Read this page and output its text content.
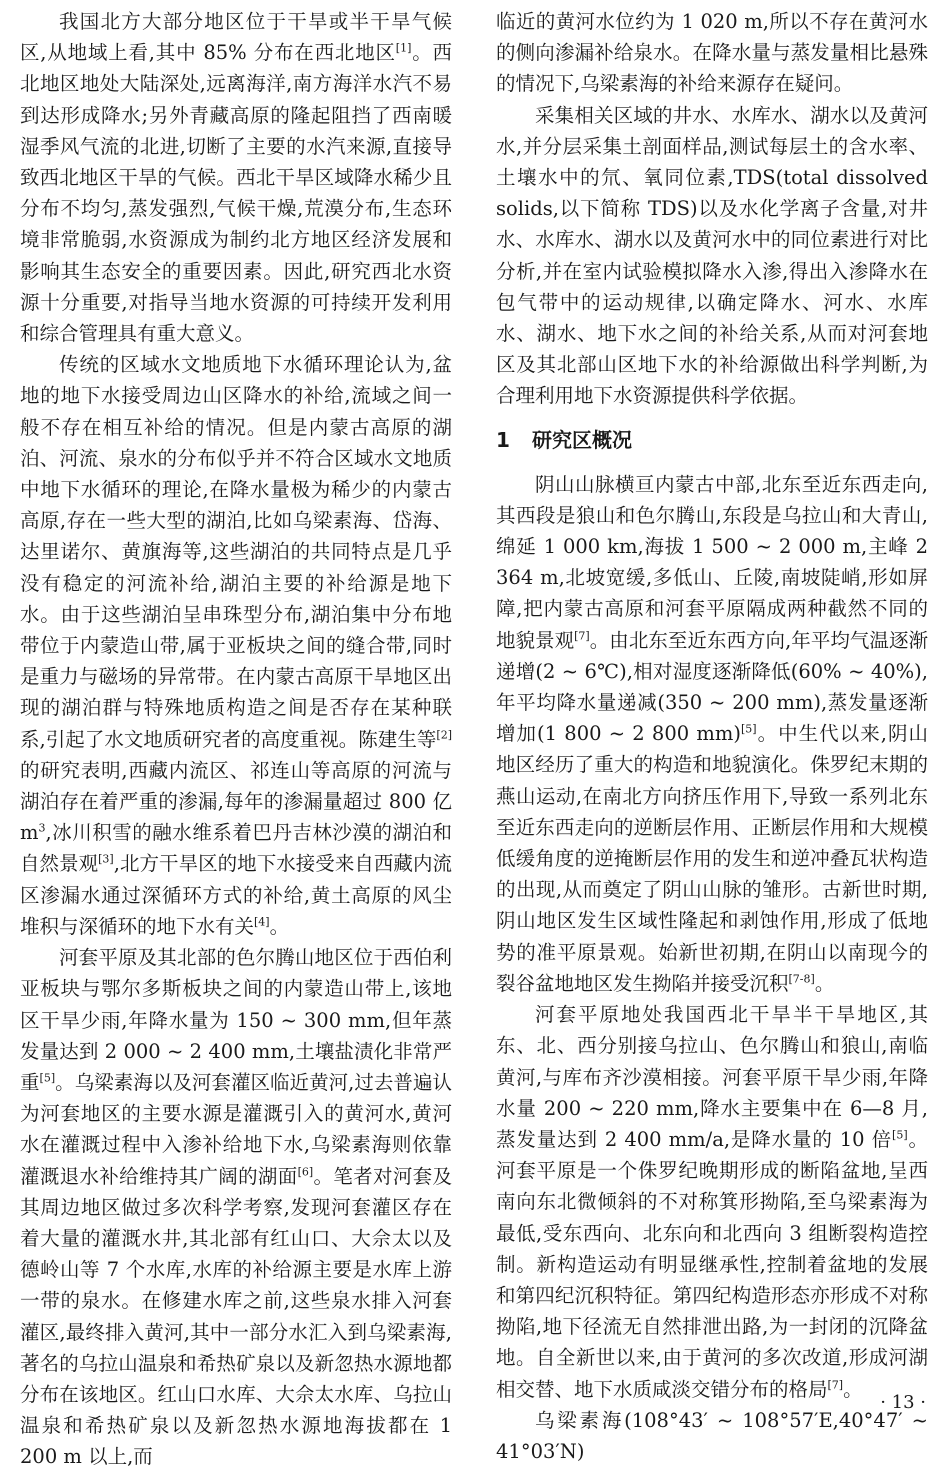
我国北方大部分地区位于干旱或半干旱气候区,从地域上看,其中 85% 分布在西北地区[1]。西北地区地处大陆深处,远离海洋,南方海洋水汽不易到达形成降水;另外青藏高原的隆起阻挡了西南暖湿季风气流的北进,切断了主要的水汽来源,直接导致西北地区干旱的气候。西北干旱区域降水稀少且分布不均匀,蒸发强烈,气候干燥,荒漠分布,生态环境非常脆弱,水资源成为制约北方地区经济发展和影响其生态安全的重要因素。因此,研究西北水资源十分重要,对指导当地水资源的可持续开发利用和综合管理具有重大意义。

传统的区域水文地质地下水循环理论认为,盆地的地下水接受周边山区降水的补给,流域之间一般不存在相互补给的情况。但是内蒙古高原的湖泊、河流、泉水的分布似乎并不符合区域水文地质中地下水循环的理论,在降水量极为稀少的内蒙古高原,存在一些大型的湖泊,比如乌梁素海、岱海、达里诺尔、黄旗海等,这些湖泊的共同特点是几乎没有稳定的河流补给,湖泊主要的补给源是地下水。由于这些湖泊呈串珠型分布,湖泊集中分布地带位于内蒙造山带,属于亚板块之间的缝合带,同时是重力与磁场的异常带。在内蒙古高原干旱地区出现的湖泊群与特殊地质构造之间是否存在某种联系,引起了水文地质研究者的高度重视。陈建生等[2]的研究表明,西藏内流区、祁连山等高原的河流与湖泊存在着严重的渗漏,每年的渗漏量超过 800 亿 $m^3$,冰川积雪的融水维系着巴丹吉林沙漠的湖泊和自然景观[3],北方干旱区的地下水接受来自西藏内流区渗漏水通过深循环方式的补给,黄土高原的风尘堆积与深循环的地下水有关[4]。

河套平原及其北部的色尔腾山地区位于西伯利亚板块与鄂尔多斯板块之间的内蒙造山带上,该地区干旱少雨,年降水量为 150 ~ 300 mm,但年蒸发量达到 2 000 ~ 2 400 mm,土壤盐渍化非常严重[5]。乌梁素海以及河套灌区临近黄河,过去普遍认为河套地区的主要水源是灌溉引入的黄河水,黄河水在灌溉过程中入渗补给地下水,乌梁素海则依靠灌溉退水补给维持其广阔的湖面[6]。笔者对河套及其周边地区做过多次科学考察,发现河套灌区存在着大量的灌溉水井,其北部有红山口、大佘太以及德岭山等 7 个水库,水库的补给源主要是水库上游一带的泉水。在修建水库之前,这些泉水排入河套灌区,最终排入黄河,其中一部分水汇入到乌梁素海,著名的乌拉山温泉和希热矿泉以及新忽热水源地都分布在该地区。红山口水库、大佘太水库、乌拉山温泉和希热矿泉以及新忽热水源地海拔都在 1 200 m 以上,而

临近的黄河水位约为 1 020 m,所以不存在黄河水的侧向渗漏补给泉水。在降水量与蒸发量相比悬殊的情况下,乌梁素海的补给来源存在疑问。

采集相关区域的井水、水库水、湖水以及黄河水,并分层采集土剖面样品,测试每层土的含水率、土壤水中的氘、氧同位素,TDS(total dissolved solids,以下简称 TDS)以及水化学离子含量,对井水、水库水、湖水以及黄河水中的同位素进行对比分析,并在室内试验模拟降水入渗,得出入渗降水在包气带中的运动规律,以确定降水、河水、水库水、湖水、地下水之间的补给关系,从而对河套地区及其北部山区地下水的补给源做出科学判断,为合理利用地下水资源提供科学依据。

1 研究区概况

阴山山脉横亘内蒙古中部,北东至近东西走向,其西段是狼山和色尔腾山,东段是乌拉山和大青山,绵延 1 000 km,海拔 1 500 ~ 2 000 m,主峰 2 364 m,北坡宽缓,多低山、丘陵,南坡陡峭,形如屏障,把内蒙古高原和河套平原隔成两种截然不同的地貌景观[7]。由北东至近东西方向,年平均气温逐渐递增(2 ~ 6℃),相对湿度逐渐降低(60% ~ 40%),年平均降水量递减(350 ~ 200 mm),蒸发量逐渐增加(1 800 ~ 2 800 mm)[5]。中生代以来,阴山地区经历了重大的构造和地貌演化。侏罗纪末期的燕山运动,在南北方向挤压作用下,导致一系列北东至近东西走向的逆断层作用、正断层作用和大规模低缓角度的逆掩断层作用的发生和逆冲叠瓦状构造的出现,从而奠定了阴山山脉的雏形。古新世时期,阴山地区发生区域性隆起和剥蚀作用,形成了低地势的准平原景观。始新世初期,在阴山以南现今的裂谷盆地地区发生拗陷并接受沉积[7-8]。

河套平原地处我国西北干旱半干旱地区,其东、北、西分别接乌拉山、色尔腾山和狼山,南临黄河,与库布齐沙漠相接。河套平原干旱少雨,年降水量 200 ~ 220 mm,降水主要集中在 6—8 月,蒸发量达到 2 400 mm/a,是降水量的 10 倍[5]。河套平原是一个侏罗纪晚期形成的断陷盆地,呈西南向东北微倾斜的不对称箕形拗陷,至乌梁素海为最低,受东西向、北东向和北西向 3 组断裂构造控制。新构造运动有明显继承性,控制着盆地的发展和第四纪沉积特征。第四纪构造形态亦形成不对称拗陷,地下径流无自然排泄出路,为一封闭的沉降盆地。自全新世以来,由于黄河的多次改道,形成河湖相交替、地下水质咸淡交错分布的格局[7]。

乌梁素海(108°43′ ~ 108°57′E,40°47′ ~ 41°03′N)

· 13 ·
